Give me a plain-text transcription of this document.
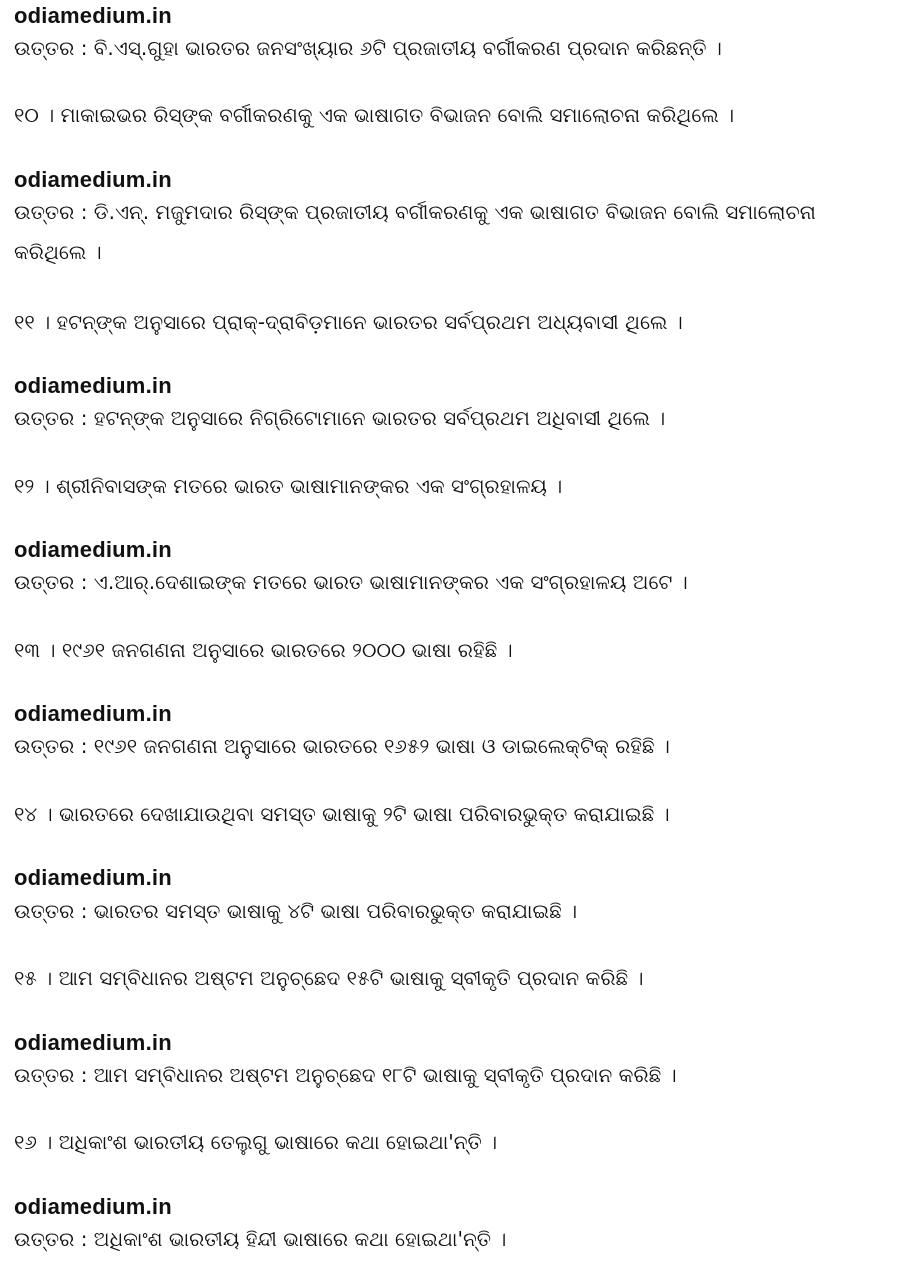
odiamedium.in
ଉତ୍ତର : ବି.ଏସ୍.ଗୁହା ଭାରତର ଜନସଂଖ୍ୟାର ୬ଟି ପ୍ରଜାତୀୟ ବର୍ଗୀକରଣ ପ୍ରଦାନ କରିଛନ୍ତି ।
୧୦ । ମାକାଇଭର ରିସ୍‌ଙ୍କ ବର୍ଗୀକରଣକୁ ଏକ ଭାଷାଗତ ବିଭାଜନ ବୋଲି ସମାଲୋଚନା କରିଥିଲେ ।
odiamedium.in
ଉତ୍ତର : ଡି.ଏନ୍. ମଜୁମଦାର ରିସ୍‌ଙ୍କ ପ୍ରଜାତୀୟ ବର୍ଗୀକରଣକୁ ଏକ ଭାଷାଗତ ବିଭାଜନ ବୋଲି ସମାଲୋଚନା କରିଥିଲେ ।
୧୧ । ହଟନ୍‌ଙ୍କ ଅନୁସାରେ ପ୍ରାକ୍-ଦ୍ରାବିଡ଼ମାନେ ଭାରତର ସର୍ବପ୍ରଥମ ଅଧ୍ୟବାସୀ ଥିଲେ ।
odiamedium.in
ଉତ୍ତର : ହଟନ୍‌ଙ୍କ ଅନୁସାରେ ନିଗ୍ରିଟୋମାନେ ଭାରତର ସର୍ବପ୍ରଥମ ଅଧିବାସୀ ଥିଲେ ।
୧୨ । ଶ୍ରୀନିବାସଙ୍କ ମତରେ ଭାରତ ଭାଷାମାନଙ୍କର ଏକ ସଂଗ୍ରହାଳୟ ।
odiamedium.in
ଉତ୍ତର : ଏ.ଆର୍.ଦେଶାଇଙ୍କ ମତରେ ଭାରତ ଭାଷାମାନଙ୍କର ଏକ ସଂଗ୍ରହାଳୟ ଅଟେ ।
୧୩ । ୧୯୬୧ ଜନଗଣନା ଅନୁସାରେ ଭାରତରେ ୨୦୦୦ ଭାଷା ରହିଛି ।
odiamedium.in
ଉତ୍ତର : ୧୯୬୧ ଜନଗଣନା ଅନୁସାରେ ଭାରତରେ ୧୬୫୨ ଭାଷା ଓ ଡାଇଲେକ୍ଟିକ୍ ରହିଛି ।
୧୪ । ଭାରତରେ ଦେଖାଯାଉଥିବା ସମସ୍ତ ଭାଷାକୁ ୨ଟି ଭାଷା ପରିବାରଭୁକ୍ତ କରାଯାଇଛି ।
odiamedium.in
ଉତ୍ତର : ଭାରତର ସମସ୍ତ ଭାଷାକୁ ୪ଟି ଭାଷା ପରିବାରଭୁକ୍ତ କରାଯାଇଛି ।
୧୫ । ଆମ ସମ୍ବିଧାନର ଅଷ୍ଟମ ଅନୁଚ୍ଛେଦ ୧୫ଟି ଭାଷାକୁ ସ୍ବୀକୃତି ପ୍ରଦାନ କରିଛି ।
odiamedium.in
ଉତ୍ତର : ଆମ ସମ୍ବିଧାନର ଅଷ୍ଟମ ଅନୁଚ୍ଛେଦ ୧୮ଟି ଭାଷାକୁ ସ୍ବୀକୃତି ପ୍ରଦାନ କରିଛି ।
୧୬ । ଅଧିକାଂଶ ଭାରତୀୟ ତେଲୁଗୁ ଭାଷାରେ କଥା ହୋଇଥା'ନ୍ତି ।
odiamedium.in
ଉତ୍ତର : ଅଧିକାଂଶ ଭାରତୀୟ ହିନ୍ଦୀ ଭାଷାରେ କଥା ହୋଇଥା'ନ୍ତି ।
